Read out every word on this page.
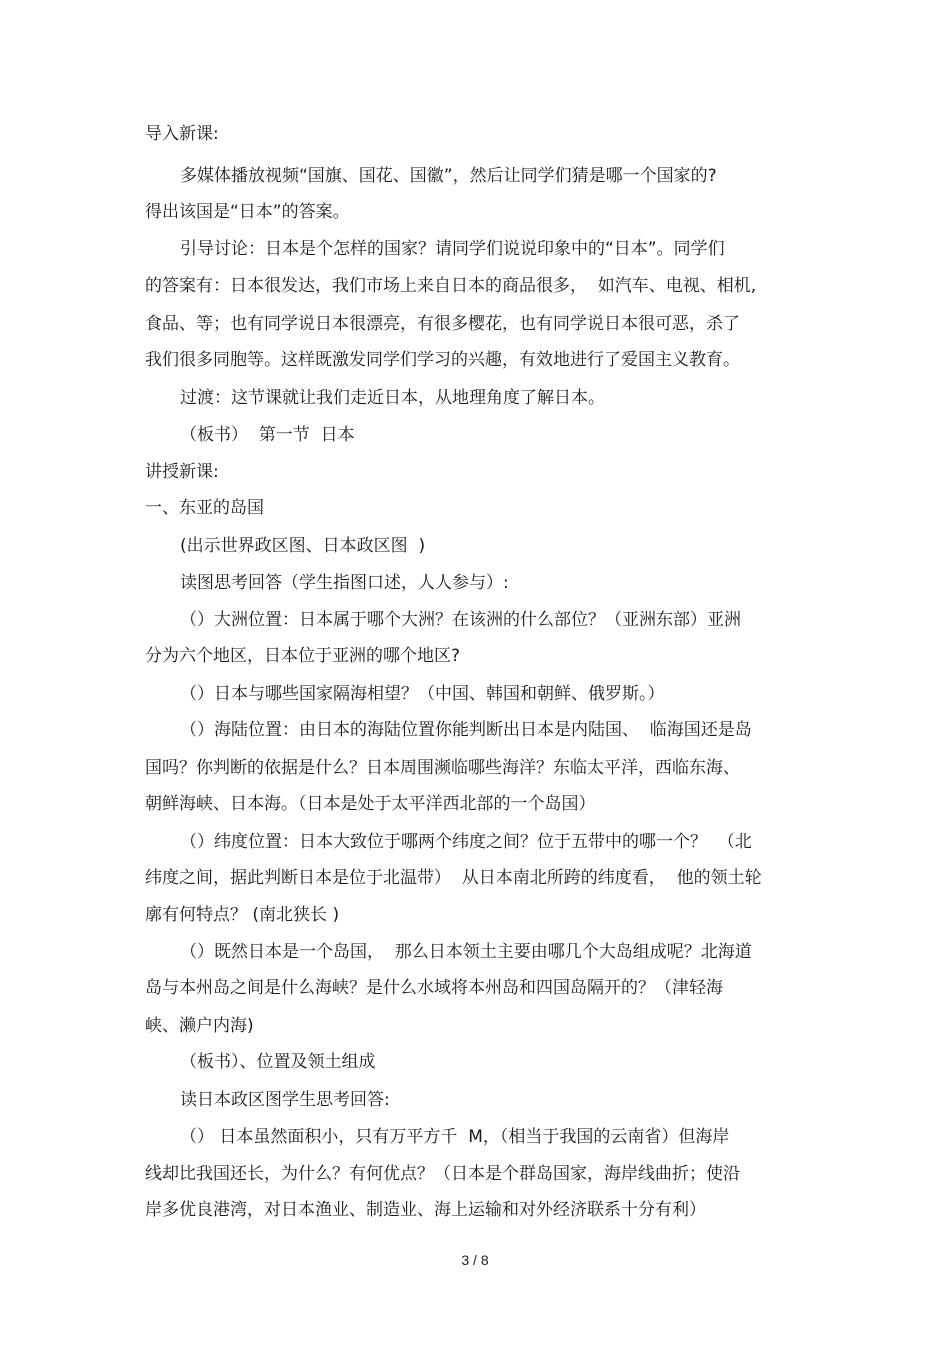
导入新课:
多媒体播放视频“国旗、国花、国徽”，然后让同学们猜是哪一个国家的?
得出该国是“日本”的答案。
引导讨论：日本是个怎样的国家？请同学们说说印象中的“日本”。同学们
的答案有：日本很发达，我们市场上来自日本的商品很多，  如汽车、电视、相机,
食品、等；也有同学说日本很漂亮，有很多樱花，也有同学说日本很可恶，杀了
我们很多同胞等。这样既激发同学们学习的兴趣，有效地进行了爱国主义教育。
过渡：这节课就让我们走近日本，从地理角度了解日本。
（板书）  第一节  日本
讲授新课:
一、东亚的岛国
(出示世界政区图、日本政区图  )
读图思考回答（学生指图口述，人人参与）:
（）大洲位置：日本属于哪个大洲？在该洲的什么部位？（亚洲东部）亚洲
分为六个地区，日本位于亚洲的哪个地区?
（）日本与哪些国家隔海相望？（中国、韩国和朝鲜、俄罗斯。）
（）海陆位置：由日本的海陆位置你能判断出日本是内陆国、  临海国还是岛
国吗？你判断的依据是什么？日本周围濒临哪些海洋？东临太平洋，西临东海、
朝鲜海峡、日本海。（日本是处于太平洋西北部的一个岛国）
（）纬度位置：日本大致位于哪两个纬度之间？位于五带中的哪一个？  （北
纬度之间，据此判断日本是位于北温带）  从日本南北所跨的纬度看，  他的领土轮
廓有何特点？ (南北狭长 )
（）既然日本是一个岛国，  那么日本领土主要由哪几个大岛组成呢？北海道
岛与本州岛之间是什么海峡？是什么水域将本州岛和四国岛隔开的？（津轻海
峡、濑户内海)
（板书）、位置及领土组成
读日本政区图学生思考回答:
（） 日本虽然面积小，只有万平方千  M，（相当于我国的云南省）但海岸
线却比我国还长，为什么？有何优点？（日本是个群岛国家，海岸线曲折；使沿
岸多优良港湾，对日本渔业、制造业、海上运输和对外经济联系十分有利）
3 / 8
